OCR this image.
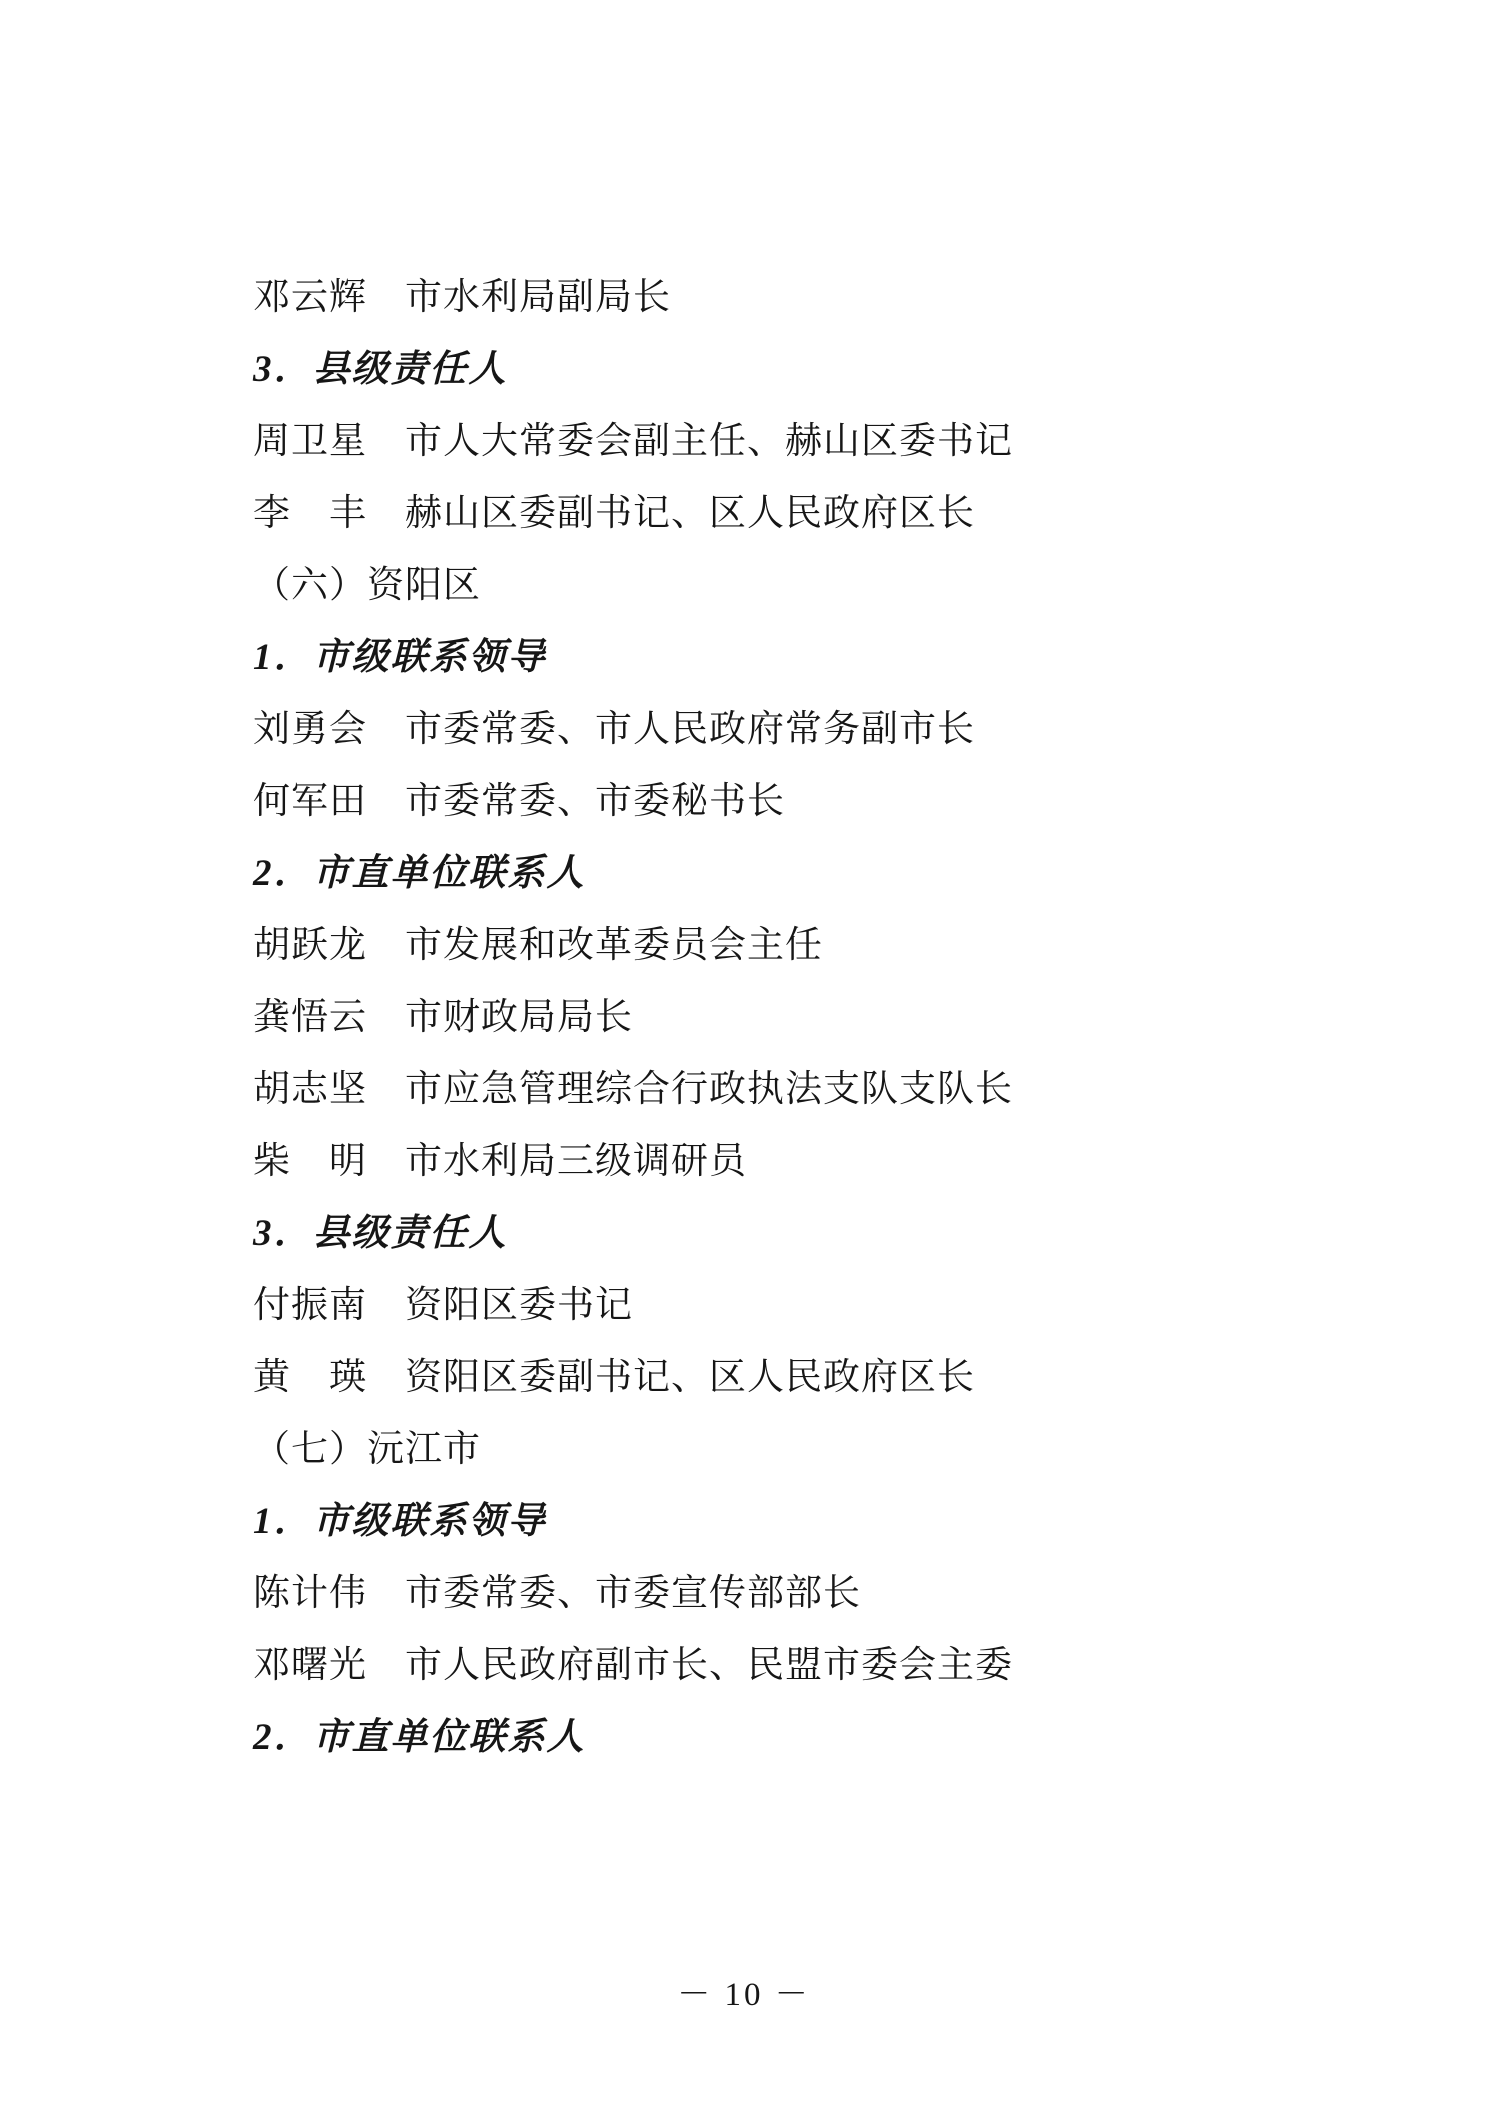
邓云辉　市水利局副局长
3．县级责任人
周卫星　市人大常委会副主任、赫山区委书记
李　丰　赫山区委副书记、区人民政府区长
（六）资阳区
1．市级联系领导
刘勇会　市委常委、市人民政府常务副市长
何军田　市委常委、市委秘书长
2．市直单位联系人
胡跃龙　市发展和改革委员会主任
龚悟云　市财政局局长
胡志坚　市应急管理综合行政执法支队支队长
柴　明　市水利局三级调研员
3．县级责任人
付振南　资阳区委书记
黄　瑛　资阳区委副书记、区人民政府区长
（七）沅江市
1．市级联系领导
陈计伟　市委常委、市委宣传部部长
邓曙光　市人民政府副市长、民盟市委会主委
2．市直单位联系人
－ 10 －
